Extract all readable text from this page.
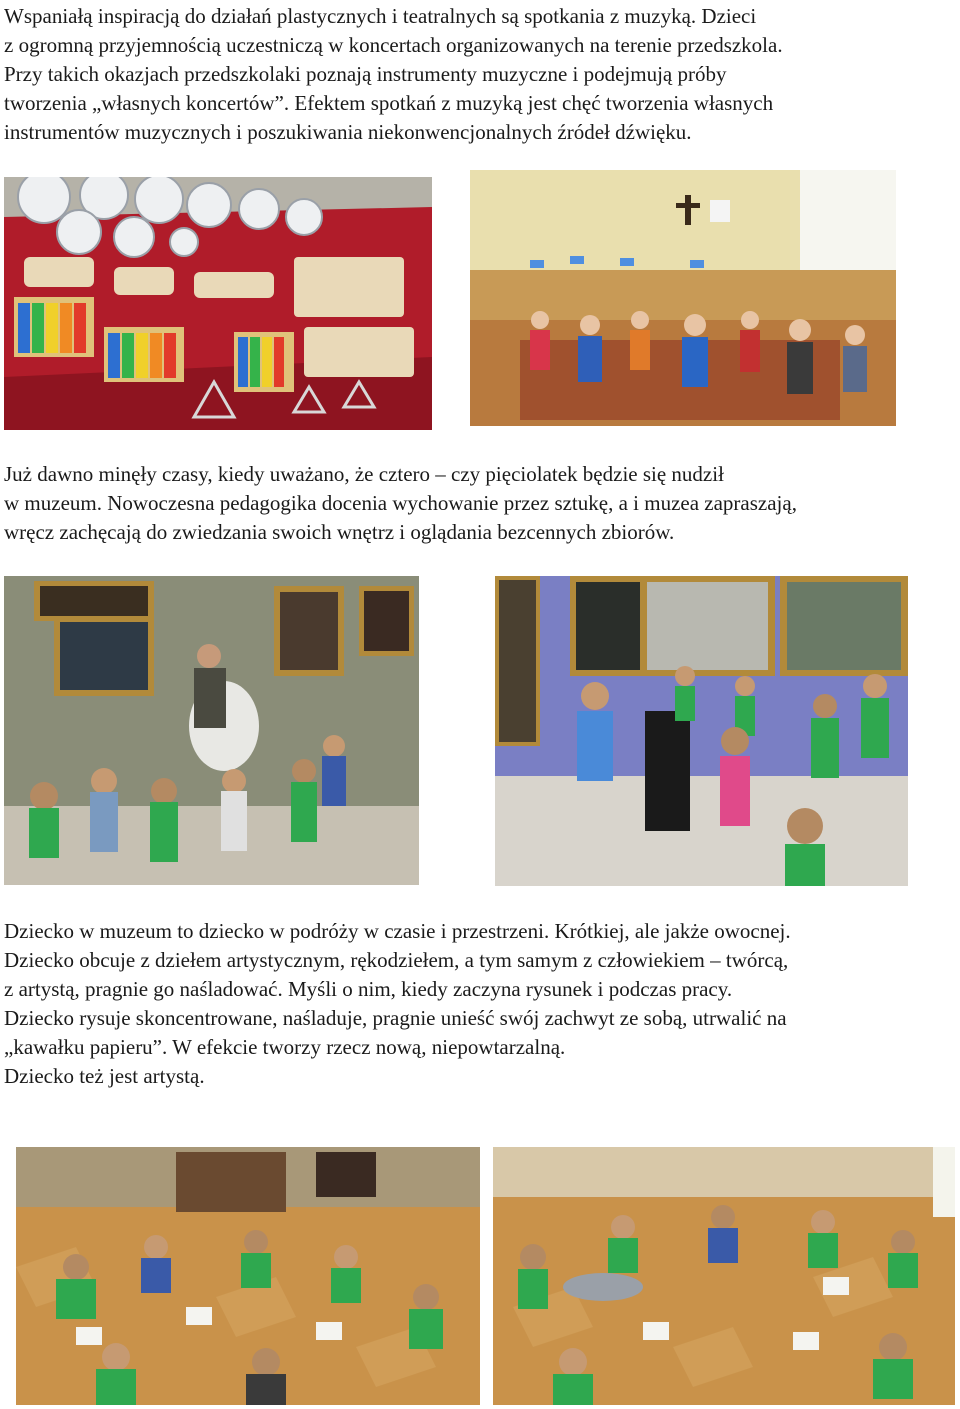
Wspaniałą inspiracją do działań plastycznych i teatralnych są spotkania z muzyką. Dzieci
z ogromną przyjemnością uczestniczą w koncertach organizowanych na terenie przedszkola.
Przy takich okazjach przedszkolaki poznają instrumenty muzyczne i podejmują próby
tworzenia „własnych koncertów”. Efektem spotkań z muzyką jest chęć tworzenia własnych
instrumentów muzycznych i poszukiwania niekonwencjonalnych źródeł dźwięku.
Już dawno minęły czasy, kiedy uważano, że cztero – czy pięciolatek będzie się nudził
w muzeum. Nowoczesna pedagogika docenia wychowanie przez sztukę, a i muzea zapraszają,
wręcz zachęcają do zwiedzania swoich wnętrz i oglądania bezcennych zbiorów.
Dziecko w muzeum to dziecko w podróży w czasie i przestrzeni. Krótkiej, ale jakże owocnej.
Dziecko obcuje z dziełem artystycznym, rękodziełem, a tym samym z człowiekiem – twórcą,
z artystą, pragnie go naśladować. Myśli o nim, kiedy zaczyna rysunek i podczas pracy.
Dziecko rysuje skoncentrowane, naśladuje, pragnie unieść swój zachwyt ze sobą, utrwalić na
„kawałku papieru”. W efekcie tworzy rzecz nową, niepowtarzalną.
Dziecko też jest artystą.
